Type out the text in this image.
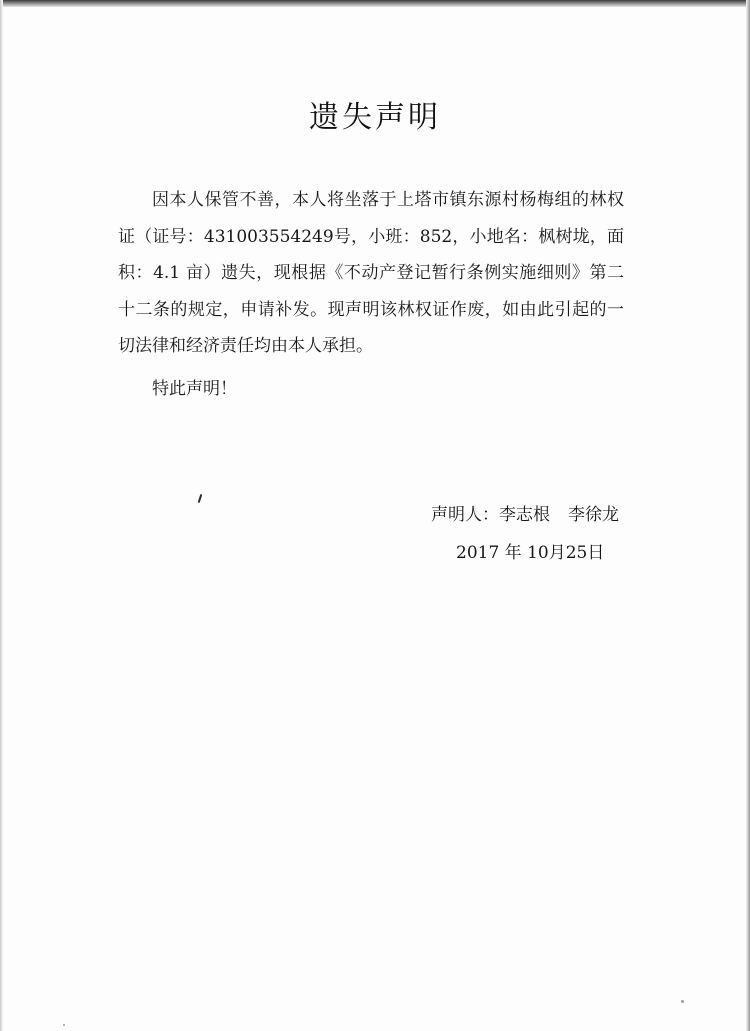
遗失声明

因本人保管不善，本人将坐落于上塔市镇东源村杨梅组的林权证（证号：431003554249号，小班：852，小地名：枫树垅，面积：4.1 亩）遗失，现根据《不动产登记暂行条例实施细则》第二十二条的规定，申请补发。现声明该林权证作废，如由此引起的一切法律和经济责任均由本人承担。

特此声明！

声明人：李志根 李徐龙
2017 年 10月25日
